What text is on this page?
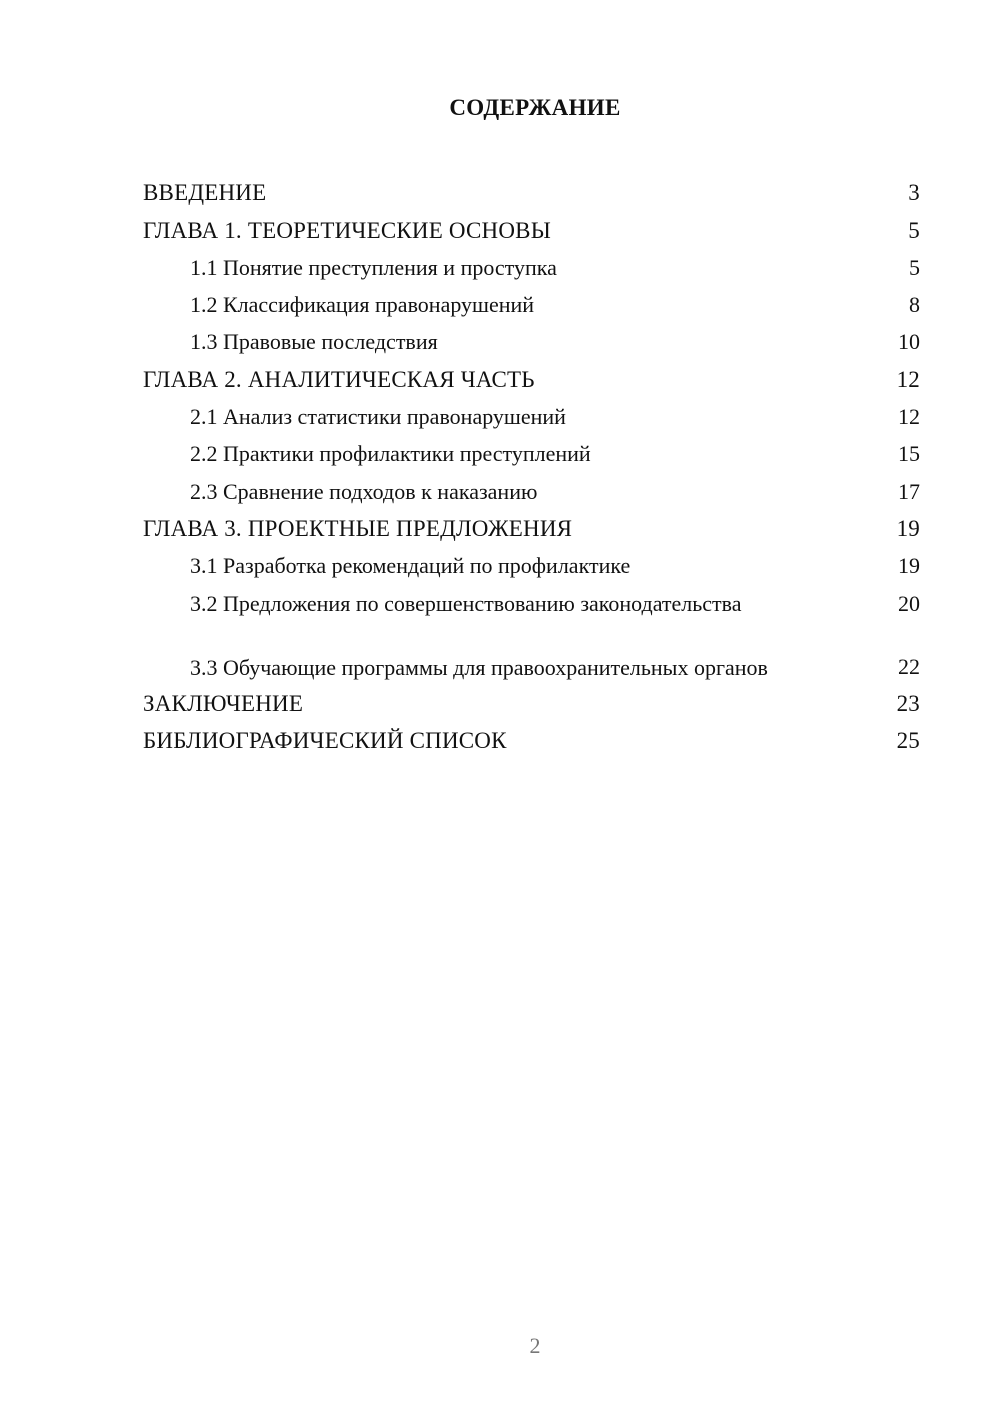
СОДЕРЖАНИЕ
ВВЕДЕНИЕ	3
ГЛАВА 1. ТЕОРЕТИЧЕСКИЕ ОСНОВЫ	5
1.1 Понятие преступления и проступка	5
1.2 Классификация правонарушений	8
1.3 Правовые последствия	10
ГЛАВА 2. АНАЛИТИЧЕСКАЯ ЧАСТЬ	12
2.1 Анализ статистики правонарушений	12
2.2 Практики профилактики преступлений	15
2.3 Сравнение подходов к наказанию	17
ГЛАВА 3. ПРОЕКТНЫЕ ПРЕДЛОЖЕНИЯ	19
3.1 Разработка рекомендаций по профилактике	19
3.2 Предложения по совершенствованию законодательства	20
3.3 Обучающие программы для правоохранительных органов	22
ЗАКЛЮЧЕНИЕ	23
БИБЛИОГРАФИЧЕСКИЙ СПИСОК	25
2
